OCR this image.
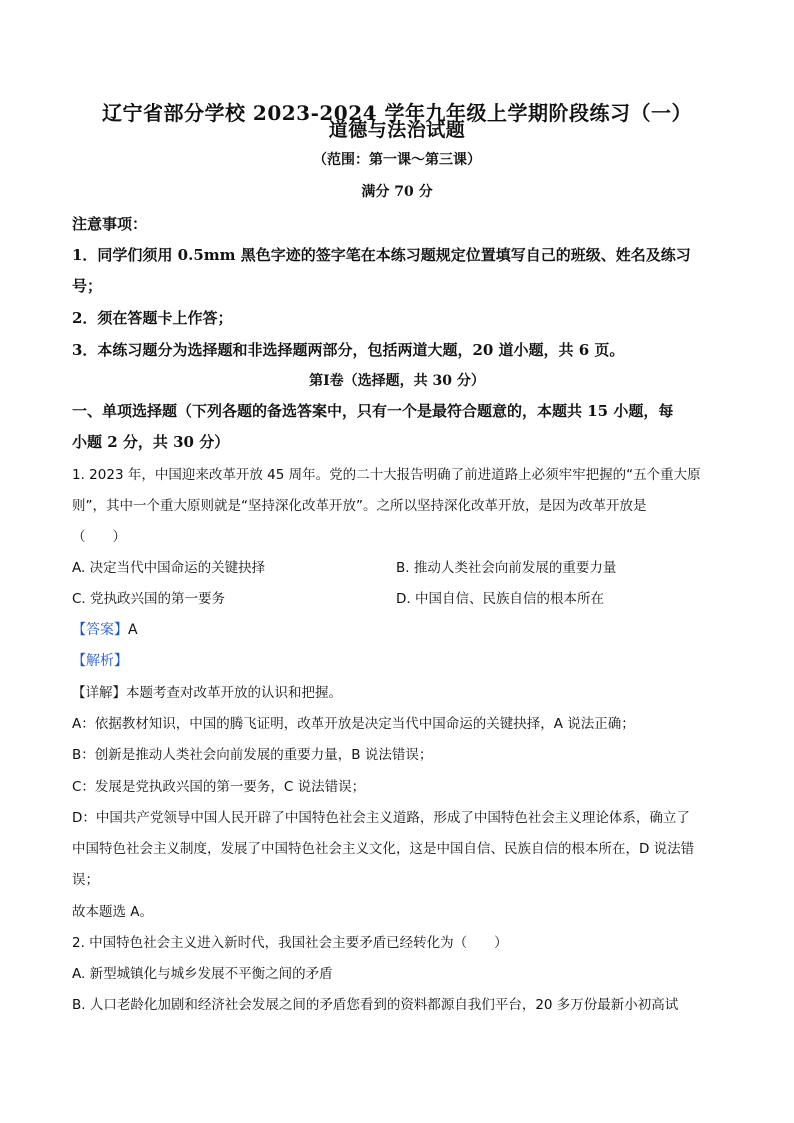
辽宁省部分学校 2023-2024 学年九年级上学期阶段练习（一）
道德与法治试题
（范围：第一课～第三课）
满分 70 分
注意事项：
1．同学们须用 0.5mm 黑色字迹的签字笔在本练习题规定位置填写自己的班级、姓名及练习
号；
2．须在答题卡上作答；
3．本练习题分为选择题和非选择题两部分，包括两道大题，20 道小题，共 6 页。
第Ⅰ卷（选择题，共 30 分）
一、单项选择题（下列各题的备选答案中，只有一个是最符合题意的，本题共 15 小题，每
小题 2 分，共 30 分）
1. 2023 年，中国迎来改革开放 45 周年。党的二十大报告明确了前进道路上必须牢牢把握的“五个重大原
则”，其中一个重大原则就是“坚持深化改革开放”。之所以坚持深化改革开放，是因为改革开放是
（　　）
A. 决定当代中国命运的关键抉择	B. 推动人类社会向前发展的重要力量
C. 党执政兴国的第一要务	D. 中国自信、民族自信的根本所在
【答案】A
【解析】
【详解】本题考查对改革开放的认识和把握。
A：依据教材知识，中国的腾飞证明，改革开放是决定当代中国命运的关键抉择，A 说法正确；
B：创新是推动人类社会向前发展的重要力量，B 说法错误；
C：发展是党执政兴国的第一要务，C 说法错误；
D：中国共产党领导中国人民开辟了中国特色社会主义道路，形成了中国特色社会主义理论体系，确立了
中国特色社会主义制度，发展了中国特色社会主义文化，这是中国自信、民族自信的根本所在，D 说法错
误；
故本题选 A。
2. 中国特色社会主义进入新时代，我国社会主要矛盾已经转化为（　　）
A. 新型城镇化与城乡发展不平衡之间的矛盾
B. 人口老龄化加剧和经济社会发展之间的矛盾您看到的资料都源自我们平台，20 多万份最新小初高试
